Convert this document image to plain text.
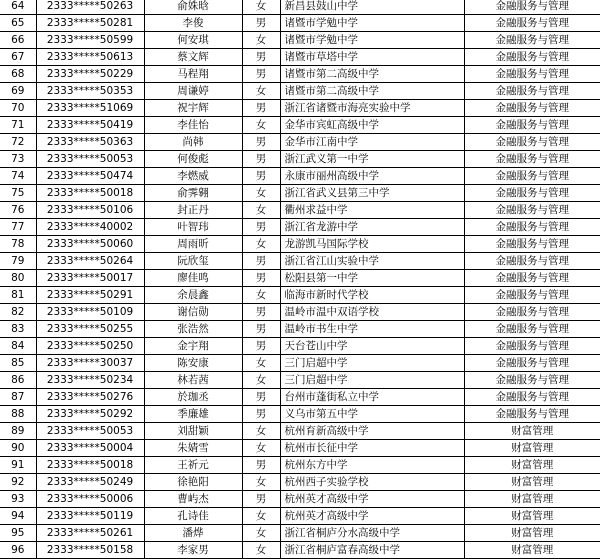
64	2333*****50263	俞姝晗	女	新昌县鼓山中学	金融服务与管理
65	2333*****50281	李俊	男	诸暨市学勉中学	金融服务与管理
66	2333*****50599	何安琪	女	诸暨市学勉中学	金融服务与管理
67	2333*****50613	蔡文辉	男	诸暨市草塔中学	金融服务与管理
68	2333*****50229	马程翔	男	诸暨市第二高级中学	金融服务与管理
69	2333*****50353	周谦婷	女	诸暨市第二高级中学	金融服务与管理
70	2333*****51069	祝宇辉	男	浙江省诸暨市海亮实验中学	金融服务与管理
71	2333*****50419	李佳怡	女	金华市宾虹高级中学	金融服务与管理
72	2333*****50363	尚韩	男	金华市江南中学	金融服务与管理
73	2333*****50053	何俊彪	男	浙江武义第一中学	金融服务与管理
74	2333*****50474	李燃威	男	永康市丽州高级中学	金融服务与管理
75	2333*****50018	俞霁翱	女	浙江省武义县第三中学	金融服务与管理
76	2333*****50106	封正丹	女	衢州求益中学	金融服务与管理
77	2333*****40002	叶智玮	男	浙江省龙游中学	金融服务与管理
78	2333*****50060	周雨昕	女	龙游凯马国际学校	金融服务与管理
79	2333*****50264	阮欣玺	男	浙江省江山实验中学	金融服务与管理
80	2333*****50017	廖佳鸣	男	松阳县第一中学	金融服务与管理
81	2333*****50291	余晨鑫	女	临海市新时代学校	金融服务与管理
82	2333*****50109	谢信勋	男	温岭市温中双语学校	金融服务与管理
83	2333*****50255	张浩然	男	温岭市书生中学	金融服务与管理
84	2333*****50250	金宇翔	男	天台苍山中学	金融服务与管理
85	2333*****30037	陈安康	女	三门启超中学	金融服务与管理
86	2333*****50234	林若茜	女	三门启超中学	金融服务与管理
87	2333*****50276	於珈丞	男	台州市蓬街私立中学	金融服务与管理
88	2333*****50292	季廉雄	男	义乌市第五中学	金融服务与管理
89	2333*****50053	刘甜颖	女	杭州育新高级中学	财富管理
90	2333*****50004	朱婧雪	女	杭州市长征中学	财富管理
91	2333*****50018	王祈元	男	杭州东方中学	财富管理
92	2333*****50249	徐艳阳	女	杭州西子实验学校	财富管理
93	2333*****50006	曹屿杰	男	杭州英才高级中学	财富管理
94	2333*****50119	孔诗佳	女	杭州英才高级中学	财富管理
95	2333*****50261	潘烨	女	浙江省桐庐分水高级中学	财富管理
96	2333*****50158	李家男	女	浙江省桐庐富春高级中学	财富管理
